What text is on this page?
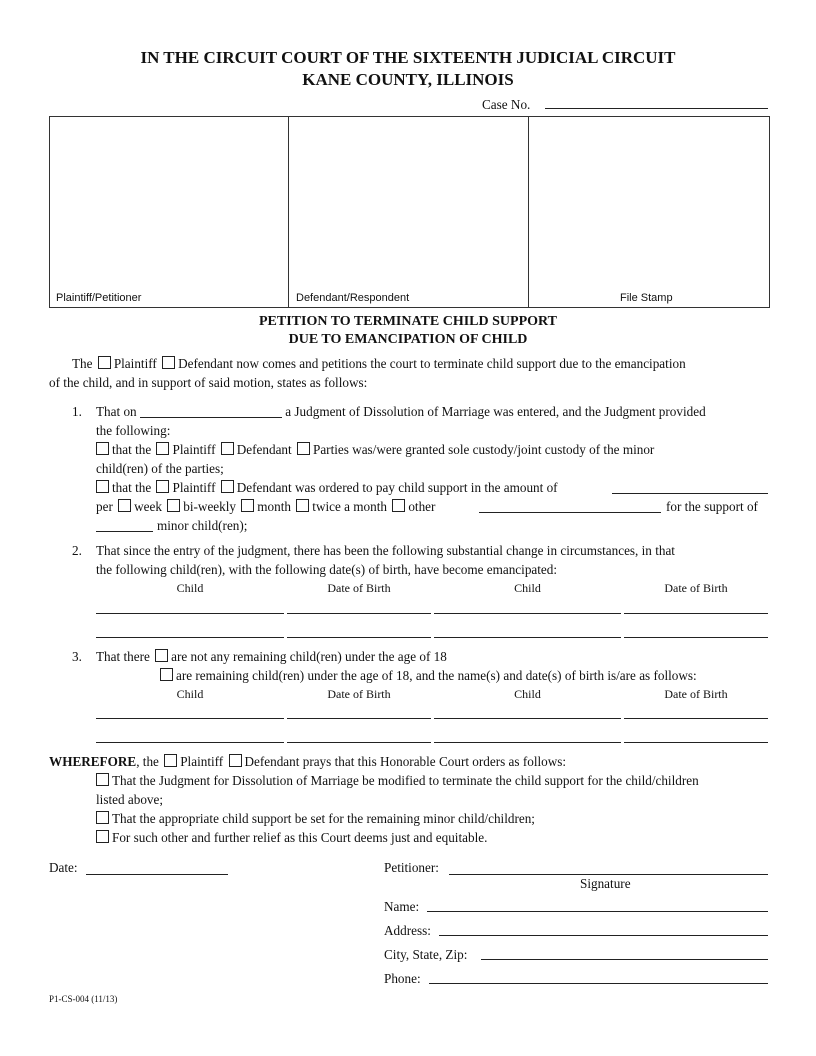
IN THE CIRCUIT COURT OF THE SIXTEENTH JUDICIAL CIRCUIT
KANE COUNTY, ILLINOIS
Case No.
Plaintiff/Petitioner	Defendant/Respondent	File Stamp
PETITION TO TERMINATE CHILD SUPPORT
DUE TO EMANCIPATION OF CHILD
The Plaintiff Defendant now comes and petitions the court to terminate child support due to the emancipation
of the child, and in support of said motion, states as follows:
1. That on	a Judgment of Dissolution of Marriage was entered, and the Judgment provided
the following:
that the Plaintiff Defendant Parties was/were granted sole custody/joint custody of the minor
child(ren) of the parties;
that the Plaintiff Defendant was ordered to pay child support in the amount of
per week bi-weekly month twice a month other	for the support of
minor child(ren);
2. That since the entry of the judgment, there has been the following substantial change in circumstances, in that
the following child(ren), with the following date(s) of birth, have become emancipated:
Child	Date of Birth	Child	Date of Birth
3. That there are not any remaining child(ren) under the age of 18
are remaining child(ren) under the age of 18, and the name(s) and date(s) of birth is/are as follows:
Child	Date of Birth	Child	Date of Birth
WHEREFORE, the Plaintiff Defendant prays that this Honorable Court orders as follows:
That the Judgment for Dissolution of Marriage be modified to terminate the child support for the child/children
listed above;
That the appropriate child support be set for the remaining minor child/children;
For such other and further relief as this Court deems just and equitable.
Date:	Petitioner:
Signature
Name:
Address:
City, State, Zip:
Phone:
P1-CS-004 (11/13)
